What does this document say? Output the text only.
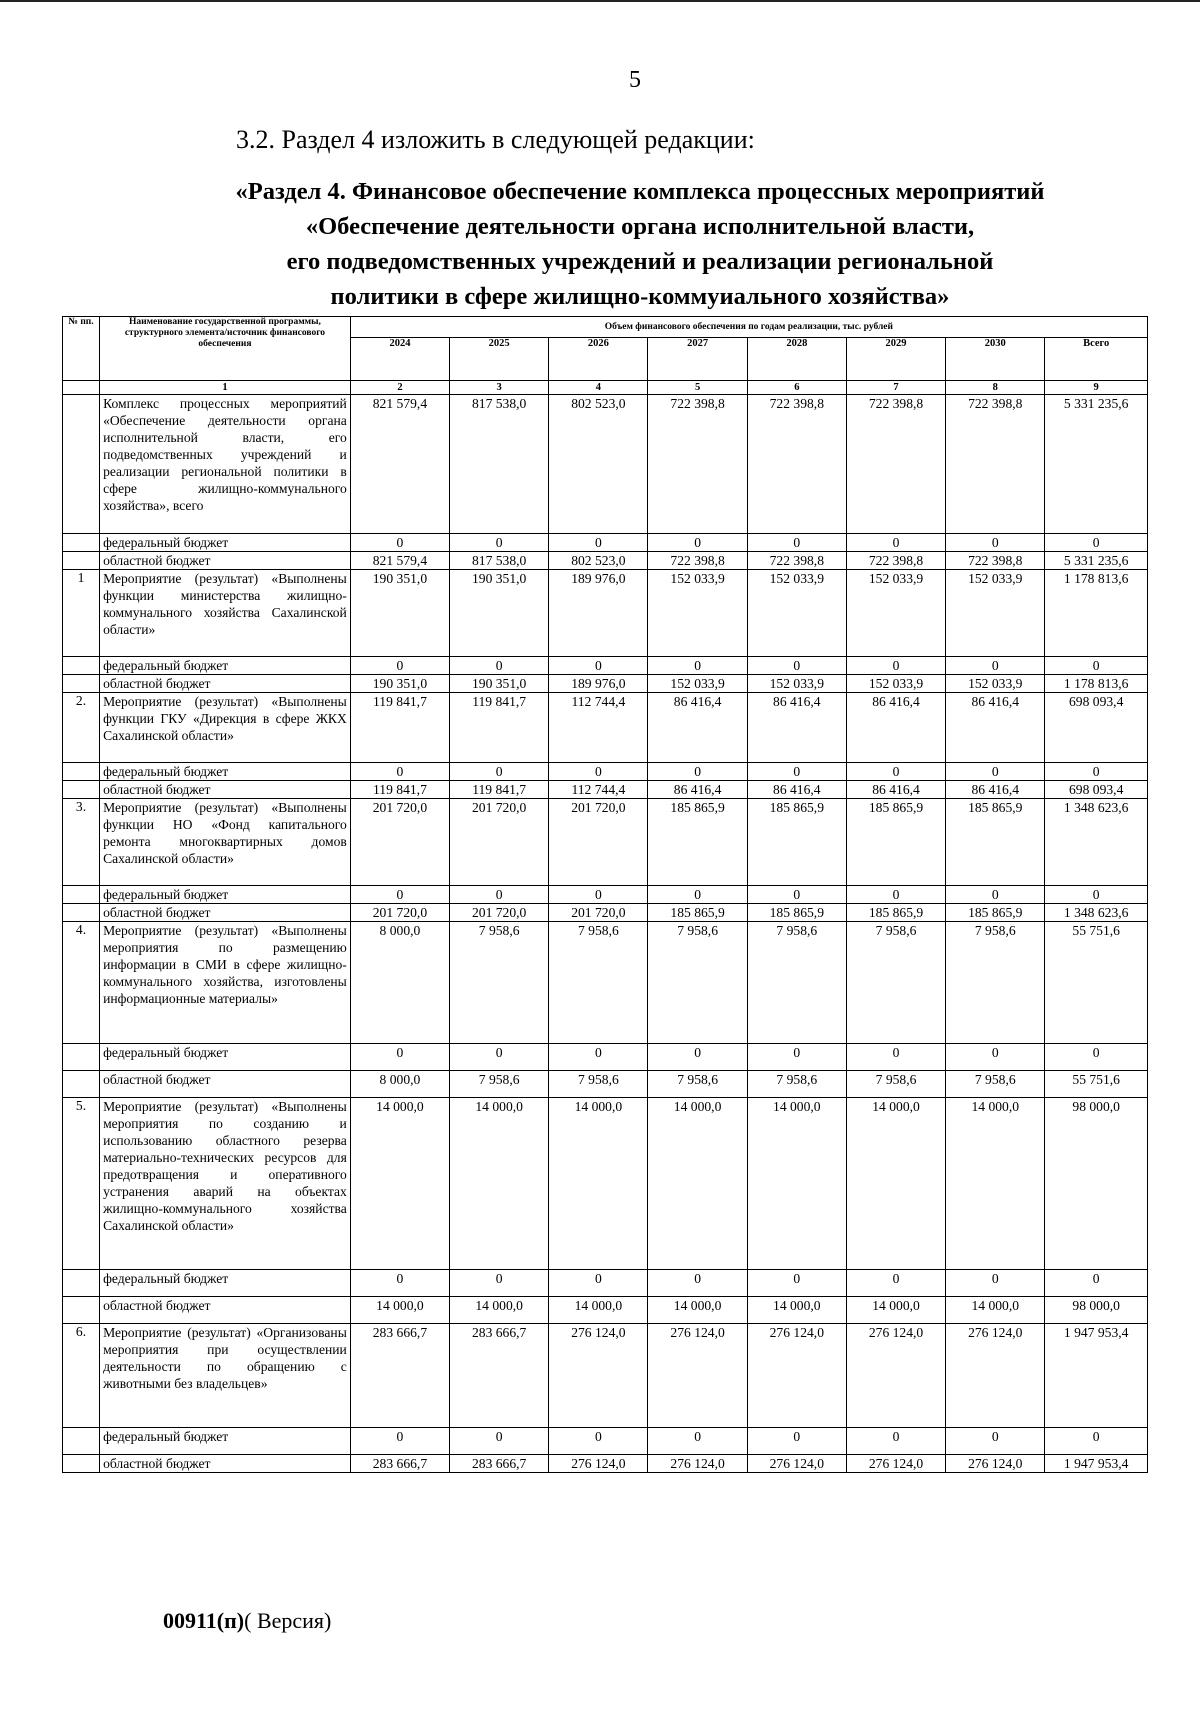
5
3.2. Раздел 4 изложить в следующей редакции:
«Раздел 4. Финансовое обеспечение комплекса процессных мероприятий
«Обеспечение деятельности органа исполнительной власти,
его подведомственных учреждений и реализации региональной
политики в сфере жилищно-коммуиального хозяйства»
№ пп.	Наименование государственной программы, структурного элемента/источник финансового обеспечения	Объем финансового обеспечения по годам реализации, тыс. рублей							
		2024	2025	2026	2027	2028	2029	2030	Всего
	1	2	3	4	5	6	7	8	9
	Комплекс процессных мероприятий «Обеспечение деятельности органа исполнительной власти, его подведомственных учреждений и реализации региональной политики в сфере жилищно-коммунального хозяйства», всего	821 579,4	817 538,0	802 523,0	722 398,8	722 398,8	722 398,8	722 398,8	5 331 235,6
	федеральный бюджет	0	0	0	0	0	0	0	0
	областной бюджет	821 579,4	817 538,0	802 523,0	722 398,8	722 398,8	722 398,8	722 398,8	5 331 235,6
1	Мероприятие (результат) «Выполнены функции министерства жилищно-коммунального хозяйства Сахалинской области»	190 351,0	190 351,0	189 976,0	152 033,9	152 033,9	152 033,9	152 033,9	1 178 813,6
	федеральный бюджет	0	0	0	0	0	0	0	0
	областной бюджет	190 351,0	190 351,0	189 976,0	152 033,9	152 033,9	152 033,9	152 033,9	1 178 813,6
2.	Мероприятие (результат) «Выполнены функции ГКУ «Дирекция в сфере ЖКХ Сахалинской области»	119 841,7	119 841,7	112 744,4	86 416,4	86 416,4	86 416,4	86 416,4	698 093,4
	федеральный бюджет	0	0	0	0	0	0	0	0
	областной бюджет	119 841,7	119 841,7	112 744,4	86 416,4	86 416,4	86 416,4	86 416,4	698 093,4
3.	Мероприятие (результат) «Выполнены функции НО «Фонд капитального ремонта многоквартирных домов Сахалинской области»	201 720,0	201 720,0	201 720,0	185 865,9	185 865,9	185 865,9	185 865,9	1 348 623,6
	федеральный бюджет	0	0	0	0	0	0	0	0
	областной бюджет	201 720,0	201 720,0	201 720,0	185 865,9	185 865,9	185 865,9	185 865,9	1 348 623,6
4.	Мероприятие (результат) «Выполнены мероприятия по размещению информации в СМИ в сфере жилищно-коммунального хозяйства, изготовлены информационные материалы»	8 000,0	7 958,6	7 958,6	7 958,6	7 958,6	7 958,6	7 958,6	55 751,6
	федеральный бюджет	0	0	0	0	0	0	0	0
	областной бюджет	8 000,0	7 958,6	7 958,6	7 958,6	7 958,6	7 958,6	7 958,6	55 751,6
5.	Мероприятие (результат) «Выполнены мероприятия по созданию и использованию областного резерва материально-технических ресурсов для предотвращения и оперативного устранения аварий на объектах жилищно-коммунального хозяйства Сахалинской области»	14 000,0	14 000,0	14 000,0	14 000,0	14 000,0	14 000,0	14 000,0	98 000,0
	федеральный бюджет	0	0	0	0	0	0	0	0
	областной бюджет	14 000,0	14 000,0	14 000,0	14 000,0	14 000,0	14 000,0	14 000,0	98 000,0
6.	Мероприятие (результат) «Организованы мероприятия при осуществлении деятельности по обращению с животными без владельцев»	283 666,7	283 666,7	276 124,0	276 124,0	276 124,0	276 124,0	276 124,0	1 947 953,4
	федеральный бюджет	0	0	0	0	0	0	0	0
	областной бюджет	283 666,7	283 666,7	276 124,0	276 124,0	276 124,0	276 124,0	276 124,0	1 947 953,4
00911(п)( Версия)
